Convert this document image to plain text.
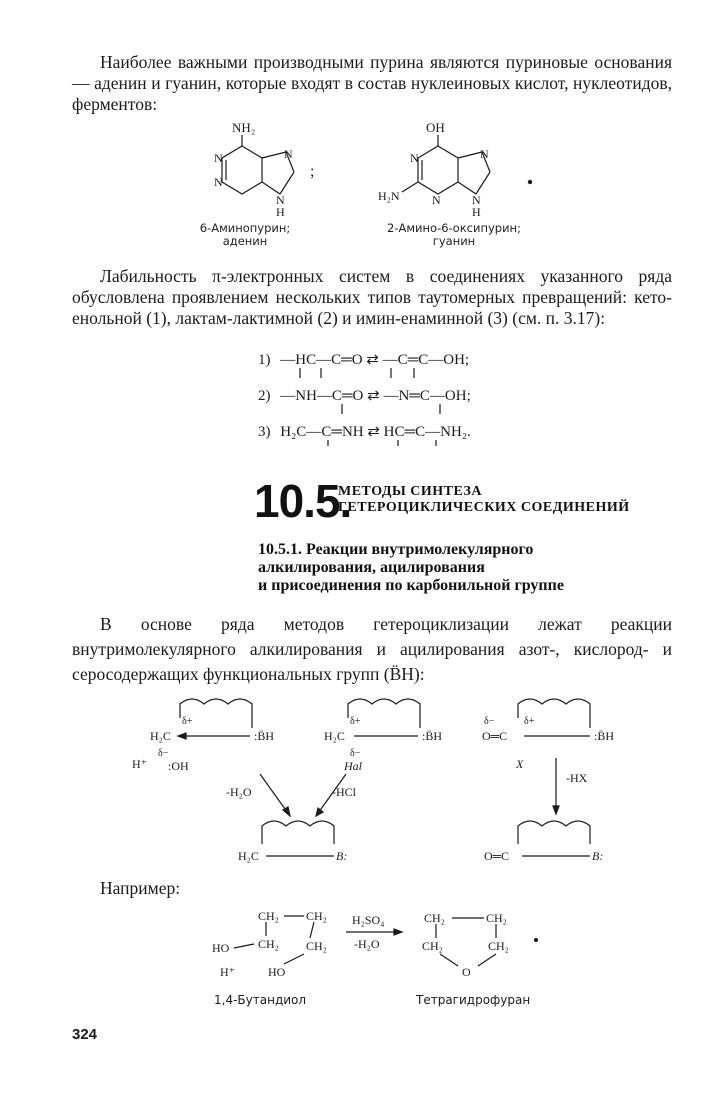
Наиболее важными производными пурина являются пуриновые основания — аденин и гуанин, которые входят в состав нуклеиновых кислот, нуклеотидов, ферментов:

NH₂
N
N
N
N
H
;
OH
H₂N
N
N
N
N
H

6-Аминопурин;
аденин

2-Амино-6-оксипурин;
гуанин

Лабильность π-электронных систем в соединениях указанного ряда обусловлена проявлением нескольких типов таутомерных превращений: кето-енольной (1), лактам-лактимной (2) и имин-енаминной (3) (см. п. 3.17):

1) —HC—C═O ⇄ —C═C—OH;
2) —NH—C═O ⇄ —N═C—OH;
3) H₂C—C═NH ⇄ HC═C—NH₂.
10.5.
МЕТОДЫ СИНТЕЗА
ГЕТЕРОЦИКЛИЧЕСКИХ СОЕДИНЕНИЙ
10.5.1. Реакции внутримолекулярного
алкилирования, ацилирования
и присоединения по карбонильной группе

В основе ряда методов гетероциклизации лежат реакции внутримолекулярного алкилирования и ацилирования азот-, кислород- и серосодержащих функциональных групп (B̈H):

H₂C	:B̈H
δ+
H⁺
δ−
:OH
H₂C	:B̈H
δ+
δ−
Hal
O═C	:B̈H
δ−	δ+
X
-H₂O	-HCl
-HX
H₂C	B:	O═C	B:
Например:
CH₂ CH₂
HO CH₂ CH₂
H⁺	HO
H₂SO₄
-H₂O
CH₂	CH₂
CH₂	CH₂
O
1,4-Бутандиол	Тетрагидрофуран
324
